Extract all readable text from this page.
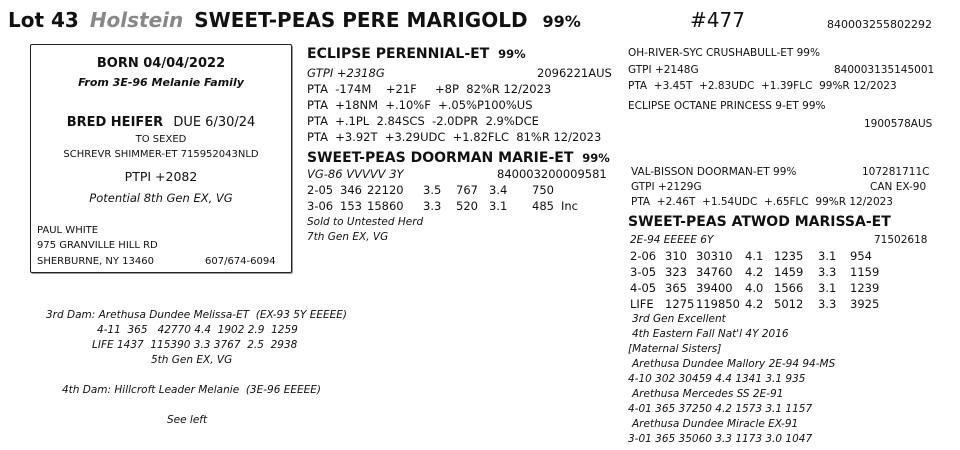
Lot 43 Holstein SWEET-PEAS PERE MARIGOLD 99%	#477	840003255802292
BORN 04/04/2022
From 3E-96 Melanie Family
BRED HEIFER DUE 6/30/24
TO SEXED
SCHREVR SHIMMER-ET 715952043NLD
PTPI +2082
Potential 8th Gen EX, VG
PAUL WHITE
975 GRANVILLE HILL RD
SHERBURNE, NY 13460	607/674-6094
ECLIPSE PERENNIAL-ET 99%
GTPI +2318G	2096221AUS
PTA  -174M    +21F     +8P  82%R 12/2023
PTA  +18NM  +.10%F  +.05%P100%US
PTA  +.1PL  2.84SCS  -2.0DPR  2.9%DCE
PTA  +3.92T  +3.29UDC  +1.82FLC  81%R 12/2023
OH-RIVER-SYC CRUSHABULL-ET 99%
GTPI +2148G	840003135145001
PTA  +3.45T  +2.83UDC  +1.39FLC  99%R 12/2023
ECLIPSE OCTANE PRINCESS 9-ET 99%
1900578AUS
SWEET-PEAS DOORMAN MARIE-ET 99%
VG-86 VVVVV 3Y	840003200009581
2-05 346 22120 3.5 767 3.4 750
3-06 153 15860 3.3 520 3.1 485 Inc
Sold to Untested Herd
7th Gen EX, VG
VAL-BISSON DOORMAN-ET 99%	107281711C
GTPI +2129G	CAN EX-90
PTA  +2.46T  +1.54UDC  +.65FLC  99%R 12/2023
SWEET-PEAS ATWOD MARISSA-ET
2E-94 EEEEE 6Y	71502618
2-06 310 30310 4.1 1235 3.1 954
3-05 323 34760 4.2 1459 3.3 1159
4-05 365 39400 4.0 1566 3.1 1239
LIFE 1275 119850 4.2 5012 3.3 3925
3rd Gen Excellent
4th Eastern Fall Nat'l 4Y 2016
[Maternal Sisters]
Arethusa Dundee Mallory 2E-94 94-MS
4-10 302 30459 4.4 1341 3.1 935
Arethusa Mercedes SS 2E-91
4-01 365 37250 4.2 1573 3.1 1157
Arethusa Dundee Miracle EX-91
3-01 365 35060 3.3 1173 3.0 1047
3rd Dam: Arethusa Dundee Melissa-ET  (EX-93 5Y EEEEE)
4-11  365   42770 4.4  1902 2.9  1259
LIFE 1437  115390 3.3 3767  2.5  2938
5th Gen EX, VG
4th Dam: Hillcroft Leader Melanie  (3E-96 EEEEE)
See left
